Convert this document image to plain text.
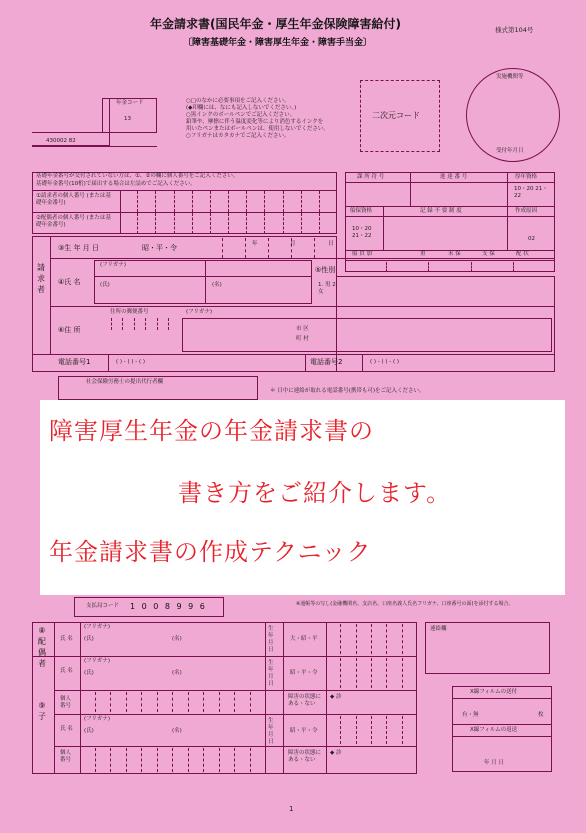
年金請求書(国民年金・厚生年金保険障害給付)
〔障害基礎年金・障害厚生年金・障害手当金〕
様式第104号
年金コード
13
430002 82
○□のなかに必要事項をご記入ください。
(◆印欄には、なにも記入しないでください。)
○黒インクのボールペンでご記入ください。
鉛筆や、摩擦に伴う温度変化等により消色するインクを
用いたペンまたはボールペンは、使用しないでください。
○フリガナはカタカナでご記入ください。
二次元コード
実施機関等
受付年月日
基礎年金番号が交付されていない方は、①、②の欄に個人番号をご記入ください。
基礎年金番号(10桁)で届出する場合は左詰めでご記入ください。
①請求者の個人番号 (または基礎年金番号)
②配偶者の個人番号 (または基礎年金番号)
課 所 符 号	進 達 番 号	厚年資格
10・20 21・22
船保資格	記 録 不 要 制 度	作成原因
10・20 21・22	02
船 員 加	重	未 保	支 保	配 状
請求者
③生 年 月 日	昭・平・令	年	月	日
④氏 名
(フリガナ)
(氏)	(名)
⑤性別
1. 男 2. 女
⑥住 所
住所の郵便番号	(フリガナ)
市 区
町 村
電話番号1	( ) - ( ) - ( )	電話番号2	( ) - ( ) - ( )
社会保険労務士の提出代行者欄
＊ 日中に連絡が取れる電話番号(携帯も可)をご記入ください。
障害厚生年金の年金請求書の
書き方をご紹介します。
年金請求書の作成テクニック
支払局コード 1 0 0 8 9 9 6	※通帳等の写し(金融機関名、支店名、口座名義人氏名フリガナ、口座番号の面)を添付する場合、
⑧配偶者
⑨子
氏 名
(フリガナ)
(氏)	(名)
生年月日
大・昭・平
氏 名
(フリガナ)
(氏)	(名)
生年月日
昭・平・令
個人番号
障害の状態に ある・ない
◆ 診
氏 名
(フリガナ)
(氏)	(名)
生年月日
昭・平・令
個人番号
障害の状態に ある・ない
◆ 診
連絡欄
X線フィルムの送付
有・無	枚
X線フィルムの返送
年 月 日
1
